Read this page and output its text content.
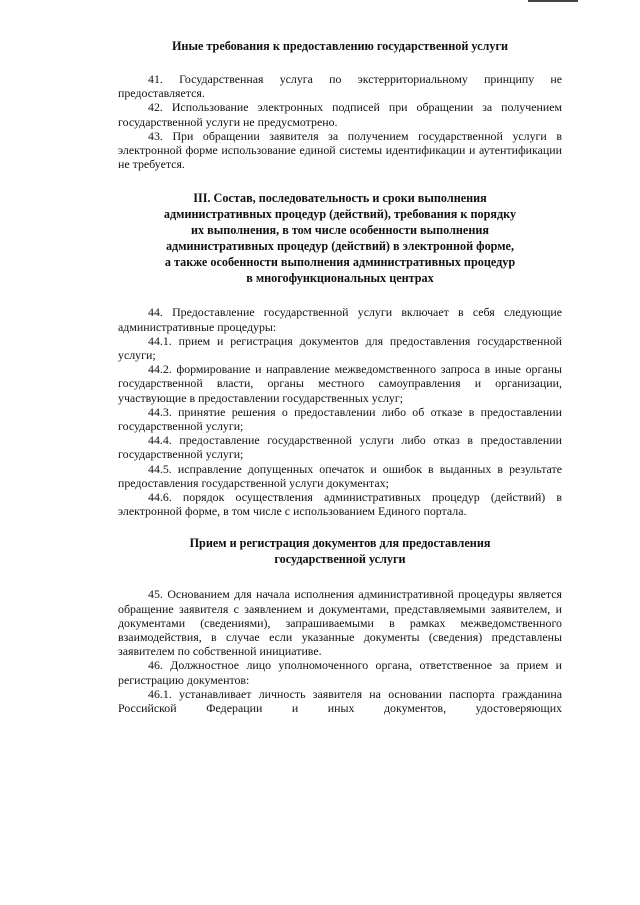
Иные требования к предоставлению государственной услуги

41. Государственная услуга по экстерриториальному принципу не предоставляется.

42. Использование электронных подписей при обращении за получением государственной услуги не предусмотрено.

43. При обращении заявителя за получением государственной услуги в электронной форме использование единой системы идентификации и аутентификации не требуется.

III. Состав, последовательность и сроки выполнения
административных процедур (действий), требования к порядку
их выполнения, в том числе особенности выполнения
административных процедур (действий) в электронной форме,
а также особенности выполнения административных процедур
в многофункциональных центрах

44. Предоставление государственной услуги включает в себя следующие административные процедуры:

44.1. прием и регистрация документов для предоставления государственной услуги;

44.2. формирование и направление межведомственного запроса в иные органы государственной власти, органы местного самоуправления и организации, участвующие в предоставлении государственных услуг;

44.3. принятие решения о предоставлении либо об отказе в предоставлении государственной услуги;

44.4. предоставление государственной услуги либо отказ в предоставлении государственной услуги;

44.5. исправление допущенных опечаток и ошибок в выданных в результате предоставления государственной услуги документах;

44.6. порядок осуществления административных процедур (действий) в электронной форме, в том числе с использованием Единого портала.

Прием и регистрация документов для предоставления
государственной услуги

45. Основанием для начала исполнения административной процедуры является обращение заявителя с заявлением и документами, представляемыми заявителем, и документами (сведениями), запрашиваемыми в рамках межведомственного взаимодействия, в случае если указанные документы (сведения) представлены заявителем по собственной инициативе.

46. Должностное лицо уполномоченного органа, ответственное за прием и регистрацию документов:

46.1. устанавливает личность заявителя на основании паспорта гражданина Российской Федерации и иных документов, удостоверяющих
